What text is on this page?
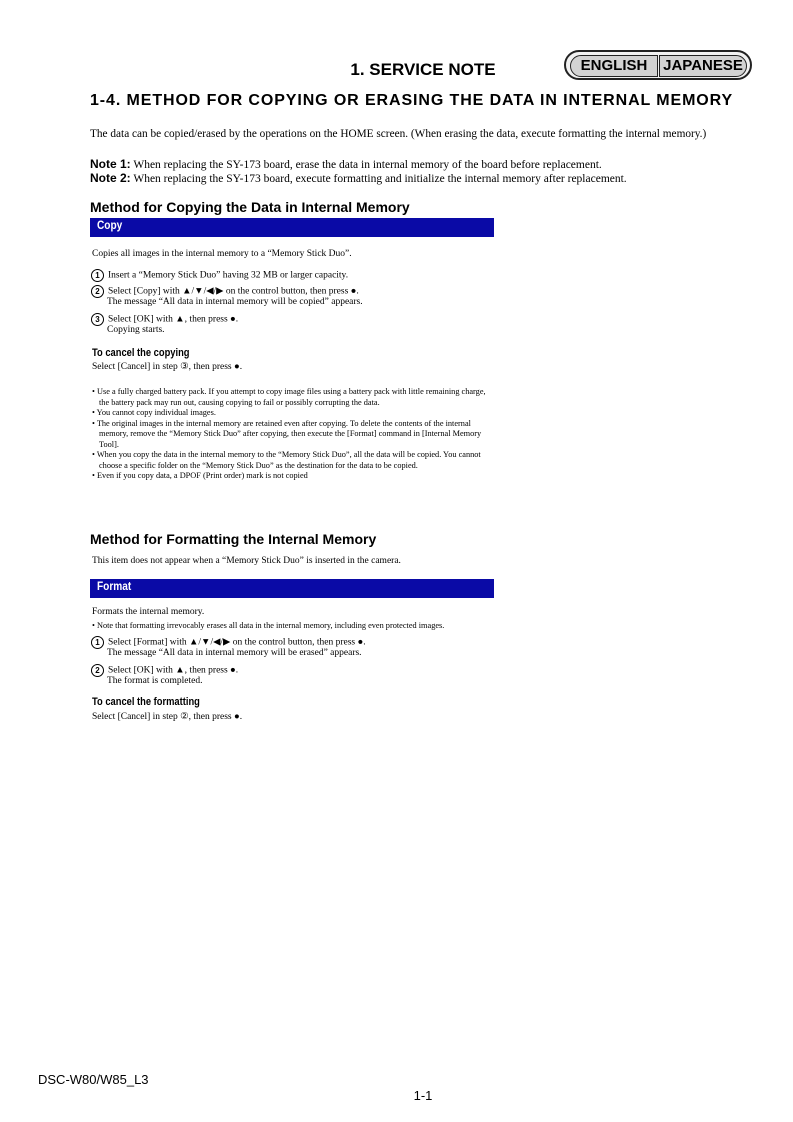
1. SERVICE NOTE	ENGLISH	JAPANESE
1-4. METHOD FOR COPYING OR ERASING THE DATA IN INTERNAL MEMORY
The data can be copied/erased by the operations on the HOME screen. (When erasing the data, execute formatting the internal memory.)
Note 1: When replacing the SY-173 board, erase the data in internal memory of the board before replacement.
Note 2: When replacing the SY-173 board, execute formatting and initialize the internal memory after replacement.
Method for Copying the Data in Internal Memory
Copy
Copies all images in the internal memory to a “Memory Stick Duo”.
1 Insert a “Memory Stick Duo” having 32 MB or larger capacity.
2 Select [Copy] with ▲/▼/◀/▶ on the control button, then press ●.
The message “All data in internal memory will be copied” appears.
3 Select [OK] with ▲, then press ●.
Copying starts.
To cancel the copying
Select [Cancel] in step ③, then press ●.
• Use a fully charged battery pack. If you attempt to copy image files using a battery pack with little remaining charge, the battery pack may run out, causing copying to fail or possibly corrupting the data.
• You cannot copy individual images.
• The original images in the internal memory are retained even after copying. To delete the contents of the internal memory, remove the “Memory Stick Duo” after copying, then execute the [Format] command in [Internal Memory Tool].
• When you copy the data in the internal memory to the “Memory Stick Duo”, all the data will be copied. You cannot choose a specific folder on the “Memory Stick Duo” as the destination for the data to be copied.
• Even if you copy data, a DPOF (Print order) mark is not copied
Method for Formatting the Internal Memory
This item does not appear when a “Memory Stick Duo” is inserted in the camera.
Format
Formats the internal memory.
• Note that formatting irrevocably erases all data in the internal memory, including even protected images.
1 Select [Format] with ▲/▼/◀/▶ on the control button, then press ●.
The message “All data in internal memory will be erased” appears.
2 Select [OK] with ▲, then press ●.
The format is completed.
To cancel the formatting
Select [Cancel] in step ②, then press ●.
DSC-W80/W85_L3
1-1
